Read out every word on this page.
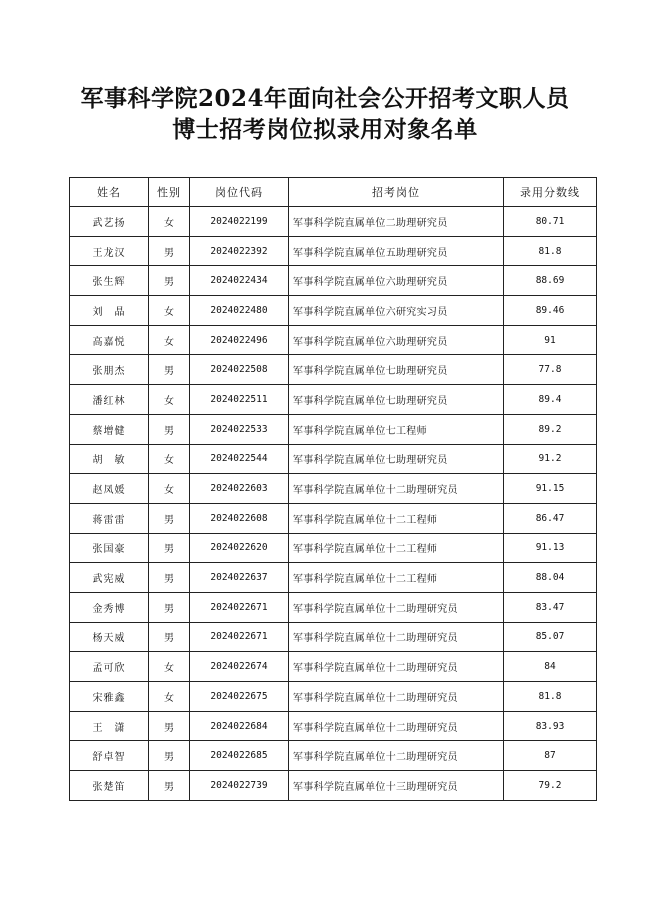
军事科学院2024年面向社会公开招考文职人员
博士招考岗位拟录用对象名单
姓名	性别	岗位代码	招考岗位	录用分数线
武艺扬	女	2024022199	军事科学院直属单位二助理研究员	80.71
王龙汉	男	2024022392	军事科学院直属单位五助理研究员	81.8
张生辉	男	2024022434	军事科学院直属单位六助理研究员	88.69
刘　晶	女	2024022480	军事科学院直属单位六研究实习员	89.46
高嘉悦	女	2024022496	军事科学院直属单位六助理研究员	91
张朋杰	男	2024022508	军事科学院直属单位七助理研究员	77.8
潘红林	女	2024022511	军事科学院直属单位七助理研究员	89.4
蔡增健	男	2024022533	军事科学院直属单位七工程师	89.2
胡　敏	女	2024022544	军事科学院直属单位七助理研究员	91.2
赵凤媛	女	2024022603	军事科学院直属单位十二助理研究员	91.15
蒋雷雷	男	2024022608	军事科学院直属单位十二工程师	86.47
张国豪	男	2024022620	军事科学院直属单位十二工程师	91.13
武宪威	男	2024022637	军事科学院直属单位十二工程师	88.04
金秀博	男	2024022671	军事科学院直属单位十二助理研究员	83.47
杨天威	男	2024022671	军事科学院直属单位十二助理研究员	85.07
孟可欣	女	2024022674	军事科学院直属单位十二助理研究员	84
宋雅鑫	女	2024022675	军事科学院直属单位十二助理研究员	81.8
王　潇	男	2024022684	军事科学院直属单位十二助理研究员	83.93
舒卓智	男	2024022685	军事科学院直属单位十二助理研究员	87
张楚笛	男	2024022739	军事科学院直属单位十三助理研究员	79.2
